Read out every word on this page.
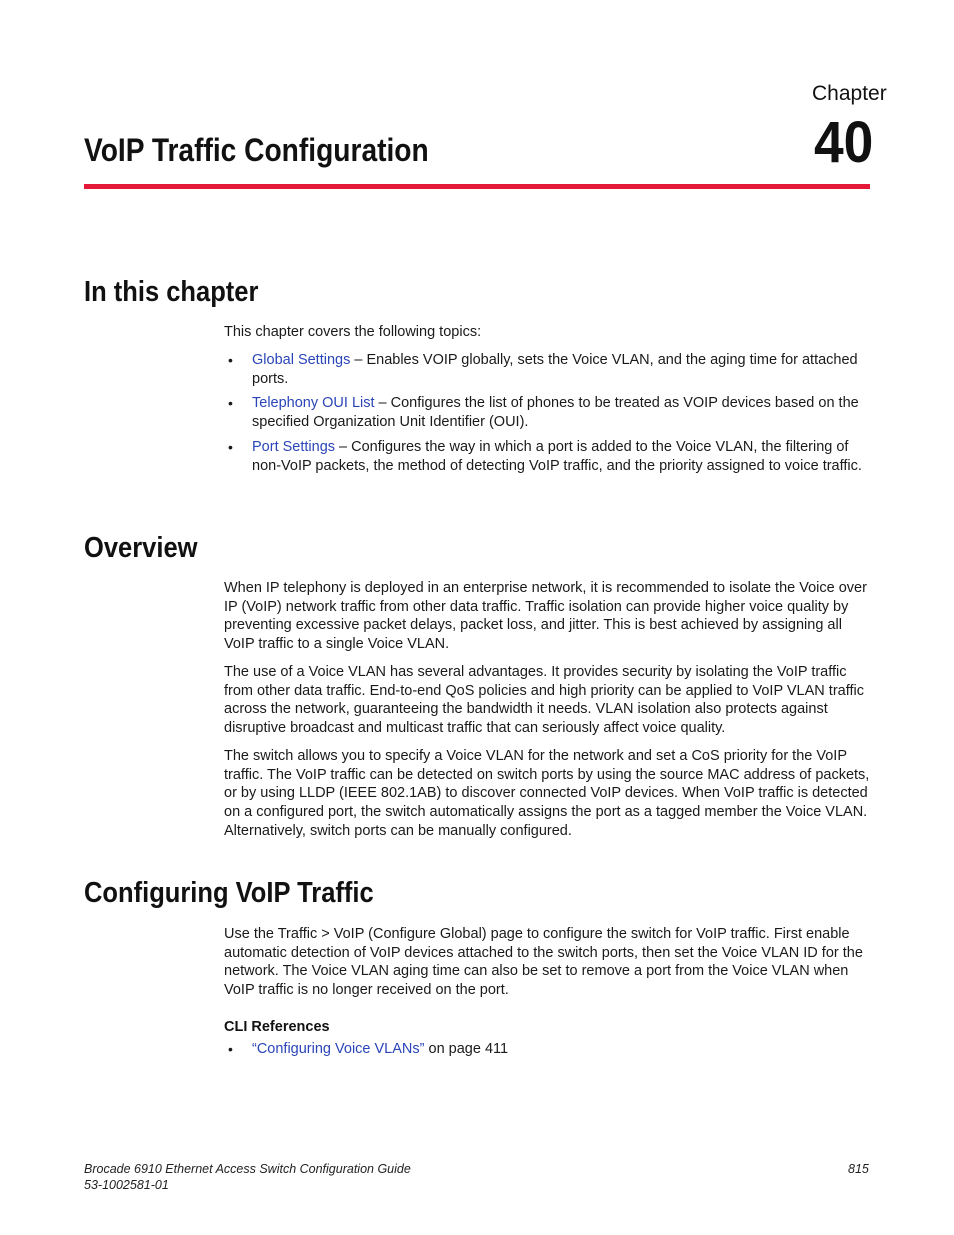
Chapter
40
VoIP Traffic Configuration
In this chapter

This chapter covers the following topics:

• Global Settings – Enables VOIP globally, sets the Voice VLAN, and the aging time for attached ports.
• Telephony OUI List – Configures the list of phones to be treated as VOIP devices based on the specified Organization Unit Identifier (OUI).
• Port Settings – Configures the way in which a port is added to the Voice VLAN, the filtering of non-VoIP packets, the method of detecting VoIP traffic, and the priority assigned to voice traffic.
Overview

When IP telephony is deployed in an enterprise network, it is recommended to isolate the Voice over IP (VoIP) network traffic from other data traffic. Traffic isolation can provide higher voice quality by preventing excessive packet delays, packet loss, and jitter. This is best achieved by assigning all VoIP traffic to a single Voice VLAN.

The use of a Voice VLAN has several advantages. It provides security by isolating the VoIP traffic from other data traffic. End-to-end QoS policies and high priority can be applied to VoIP VLAN traffic across the network, guaranteeing the bandwidth it needs. VLAN isolation also protects against disruptive broadcast and multicast traffic that can seriously affect voice quality.

The switch allows you to specify a Voice VLAN for the network and set a CoS priority for the VoIP traffic. The VoIP traffic can be detected on switch ports by using the source MAC address of packets, or by using LLDP (IEEE 802.1AB) to discover connected VoIP devices. When VoIP traffic is detected on a configured port, the switch automatically assigns the port as a tagged member the Voice VLAN. Alternatively, switch ports can be manually configured.

Configuring VoIP Traffic

Use the Traffic > VoIP (Configure Global) page to configure the switch for VoIP traffic. First enable automatic detection of VoIP devices attached to the switch ports, then set the Voice VLAN ID for the network. The Voice VLAN aging time can also be set to remove a port from the Voice VLAN when VoIP traffic is no longer received on the port.

CLI References
• “Configuring Voice VLANs” on page 411
Brocade 6910 Ethernet Access Switch Configuration Guide
53-1002581-01
815
